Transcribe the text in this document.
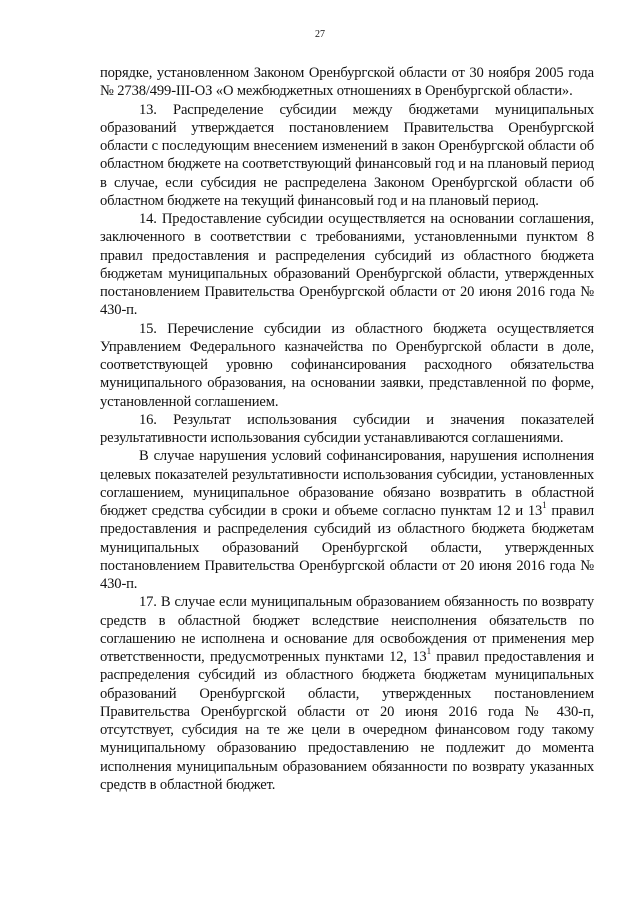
27

порядке, установленном Законом Оренбургской области от 30 ноября 2005 года № 2738/499-III-ОЗ «О межбюджетных отношениях в Оренбургской области».

13. Распределение субсидии между бюджетами муниципальных образований утверждается постановлением Правительства Оренбургской области с последующим внесением изменений в закон Оренбургской области об областном бюджете на соответствующий финансовый год и на плановый период в случае, если субсидия не распределена Законом Оренбургской области об областном бюджете на текущий финансовый год и на плановый период.

14. Предоставление субсидии осуществляется на основании соглашения, заключенного в соответствии с требованиями, установленными пунктом 8 правил предоставления и распределения субсидий из областного бюджета бюджетам муниципальных образований Оренбургской области, утвержденных постановлением Правительства Оренбургской области от 20 июня 2016 года № 430-п.

15. Перечисление субсидии из областного бюджета осуществляется Управлением Федерального казначейства по Оренбургской области в доле, соответствующей уровню софинансирования расходного обязательства муниципального образования, на основании заявки, представленной по форме, установленной соглашением.

16. Результат использования субсидии и значения показателей результативности использования субсидии устанавливаются соглашениями.

В случае нарушения условий софинансирования, нарушения исполнения целевых показателей результативности использования субсидии, установленных соглашением, муниципальное образование обязано возвратить в областной бюджет средства субсидии в сроки и объеме согласно пунктам 12 и $13^1$ правил предоставления и распределения субсидий из областного бюджета бюджетам муниципальных образований Оренбургской области, утвержденных постановлением Правительства Оренбургской области от 20 июня 2016 года № 430-п.

17. В случае если муниципальным образованием обязанность по возврату средств в областной бюджет вследствие неисполнения обязательств по соглашению не исполнена и основание для освобождения от применения мер ответственности, предусмотренных пунктами 12, $13^1$ правил предоставления и распределения субсидий из областного бюджета бюджетам муниципальных образований Оренбургской области, утвержденных постановлением Правительства Оренбургской области от 20 июня 2016 года № 430-п, отсутствует, субсидия на те же цели в очередном финансовом году такому муниципальному образованию предоставлению не подлежит до момента исполнения муниципальным образованием обязанности по возврату указанных средств в областной бюджет.
